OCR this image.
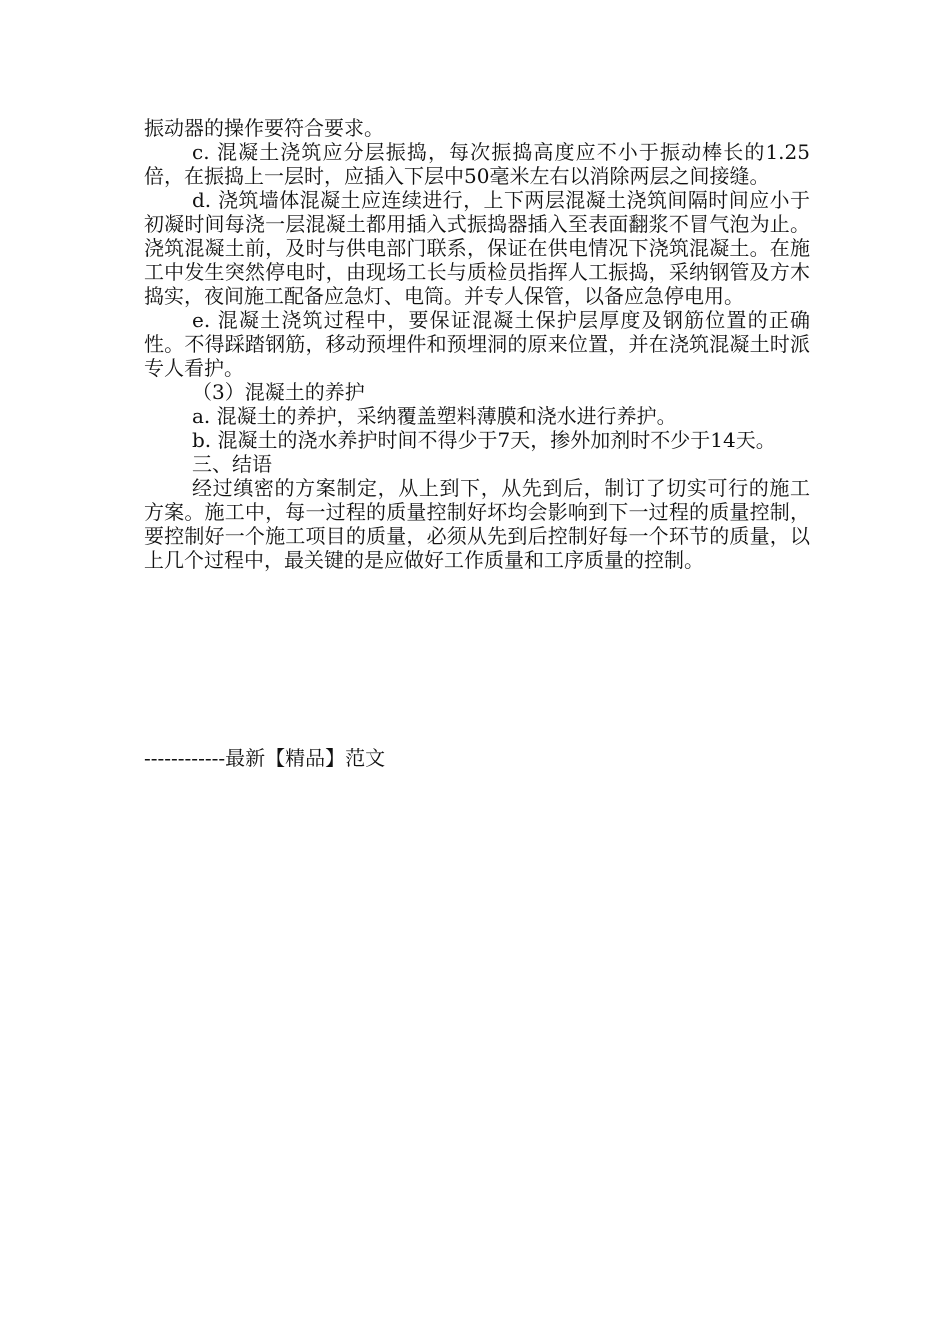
振动器的操作要符合要求。

c. 混凝土浇筑应分层振捣，每次振捣高度应不小于振动棒长的1.25倍，在振捣上一层时，应插入下层中50毫米左右以消除两层之间接缝。

d. 浇筑墙体混凝土应连续进行，上下两层混凝土浇筑间隔时间应小于初凝时间每浇一层混凝土都用插入式振捣器插入至表面翻浆不冒气泡为止。浇筑混凝土前，及时与供电部门联系，保证在供电情况下浇筑混凝土。在施工中发生突然停电时，由现场工长与质检员指挥人工振捣，采纳钢管及方木捣实，夜间施工配备应急灯、电筒。并专人保管，以备应急停电用。

e. 混凝土浇筑过程中，要保证混凝土保护层厚度及钢筋位置的正确性。不得踩踏钢筋，移动预埋件和预埋洞的原来位置，并在浇筑混凝土时派专人看护。

（3）混凝土的养护

a. 混凝土的养护，采纳覆盖塑料薄膜和浇水进行养护。

b. 混凝土的浇水养护时间不得少于7天，掺外加剂时不少于14天。

三、结语

经过缜密的方案制定，从上到下，从先到后，制订了切实可行的施工方案。施工中，每一过程的质量控制好坏均会影响到下一过程的质量控制，要控制好一个施工项目的质量，必须从先到后控制好每一个环节的质量，以上几个过程中，最关键的是应做好工作质量和工序质量的控制。

------------最新【精品】范文
